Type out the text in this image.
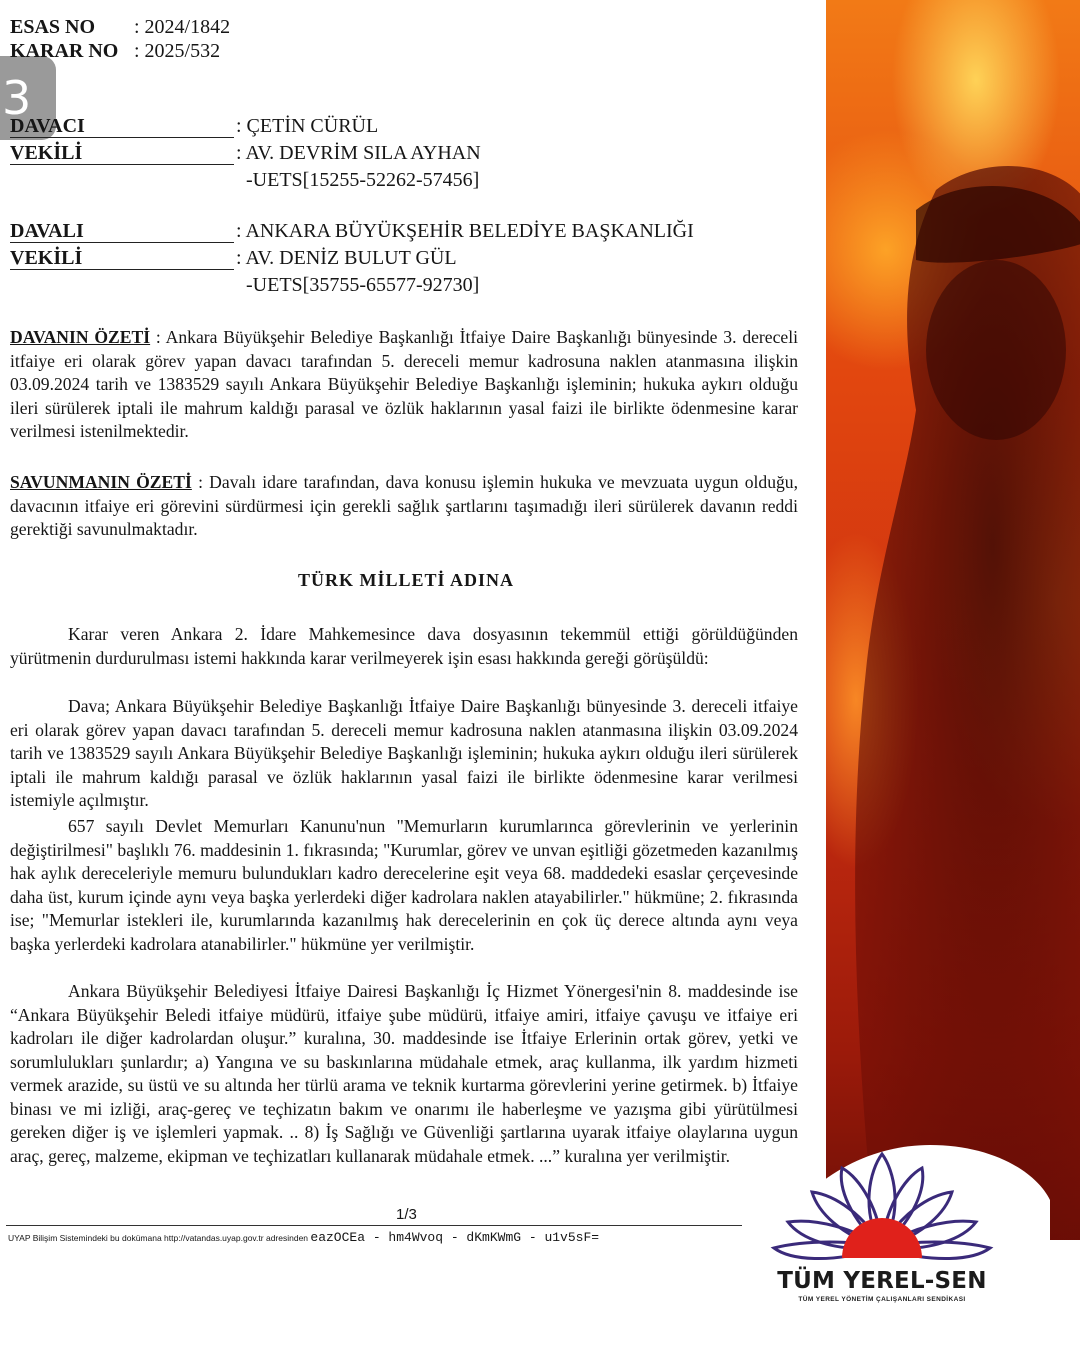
3
ESAS NO : 2024/1842
KARAR NO : 2025/532
DAVACI	: ÇETİN CÜRÜL
VEKİLİ	: AV. DEVRİM SILA AYHAN
-UETS[15255-52262-57456]
DAVALI	: ANKARA BÜYÜKŞEHİR BELEDİYE BAŞKANLIĞI
VEKİLİ	: AV. DENİZ BULUT GÜL
-UETS[35755-65577-92730]
DAVANIN ÖZETİ : Ankara Büyükşehir Belediye Başkanlığı İtfaiye Daire Başkanlığı bünyesinde 3. dereceli itfaiye eri olarak görev yapan davacı tarafından 5. dereceli memur kadrosuna naklen atanmasına ilişkin 03.09.2024 tarih ve 1383529 sayılı Ankara Büyükşehir Belediye Başkanlığı işleminin; hukuka aykırı olduğu ileri sürülerek iptali ile mahrum kaldığı parasal ve özlük haklarının yasal faizi ile birlikte ödenmesine karar verilmesi istenilmektedir.
SAVUNMANIN ÖZETİ : Davalı idare tarafından, dava konusu işlemin hukuka ve mevzuata uygun olduğu, davacının itfaiye eri görevini sürdürmesi için gerekli sağlık şartlarını taşımadığı ileri sürülerek davanın reddi gerektiği savunulmaktadır.
TÜRK MİLLETİ ADINA
Karar veren Ankara 2. İdare Mahkemesince dava dosyasının tekemmül ettiği görüldüğünden yürütmenin durdurulması istemi hakkında karar verilmeyerek işin esası hakkında gereği görüşüldü:
Dava; Ankara Büyükşehir Belediye Başkanlığı İtfaiye Daire Başkanlığı bünyesinde 3. dereceli itfaiye eri olarak görev yapan davacı tarafından 5. dereceli memur kadrosuna naklen atanmasına ilişkin 03.09.2024 tarih ve 1383529 sayılı Ankara Büyükşehir Belediye Başkanlığı işleminin; hukuka aykırı olduğu ileri sürülerek iptali ile mahrum kaldığı parasal ve özlük haklarının yasal faizi ile birlikte ödenmesine karar verilmesi istemiyle açılmıştır.
657 sayılı Devlet Memurları Kanunu'nun "Memurların kurumlarınca görevlerinin ve yerlerinin değiştirilmesi" başlıklı 76. maddesinin 1. fıkrasında; "Kurumlar, görev ve unvan eşitliği gözetmeden kazanılmış hak aylık dereceleriyle memuru bulundukları kadro derecelerine eşit veya 68. maddedeki esaslar çerçevesinde daha üst, kurum içinde aynı veya başka yerlerdeki diğer kadrolara naklen atayabilirler." hükmüne; 2. fıkrasında ise; "Memurlar istekleri ile, kurumlarında kazanılmış hak derecelerinin en çok üç derece altında aynı veya başka yerlerdeki kadrolara atanabilirler." hükmüne yer verilmiştir.
Ankara Büyükşehir Belediyesi İtfaiye Dairesi Başkanlığı İç Hizmet Yönergesi'nin 8. maddesinde ise “Ankara Büyükşehir Beledi itfaiye müdürü, itfaiye şube müdürü, itfaiye amiri, itfaiye çavuşu ve itfaiye eri kadroları ile diğer kadrolardan oluşur.” kuralına, 30. maddesinde ise İtfaiye Erlerinin ortak görev, yetki ve sorumlulukları şunlardır; a) Yangına ve su baskınlarına müdahale etmek, araç kullanma, ilk yardım hizmeti vermek arazide, su üstü ve su altında her türlü arama ve teknik kurtarma görevlerini yerine getirmek. b) İtfaiye binası ve mi izliği, araç-gereç ve teçhizatın bakım ve onarımı ile haberleşme ve yazışma gibi yürütülmesi gereken diğer iş ve işlemleri yapmak. .. 8) İş Sağlığı ve Güvenliği şartlarına uyarak itfaiye olaylarına uygun araç, gereç, malzeme, ekipman ve teçhizatları kullanarak müdahale etmek. ...” kuralına yer verilmiştir.
1/3
UYAP Bilişim Sistemindeki bu dokümana http://vatandas.uyap.gov.tr adresinden eazOCEa - hm4Wvoq - dKmKWmG - u1v5sF=
TÜM YEREL-SEN
TÜM YEREL YÖNETİM ÇALIŞANLARI SENDİKASI
